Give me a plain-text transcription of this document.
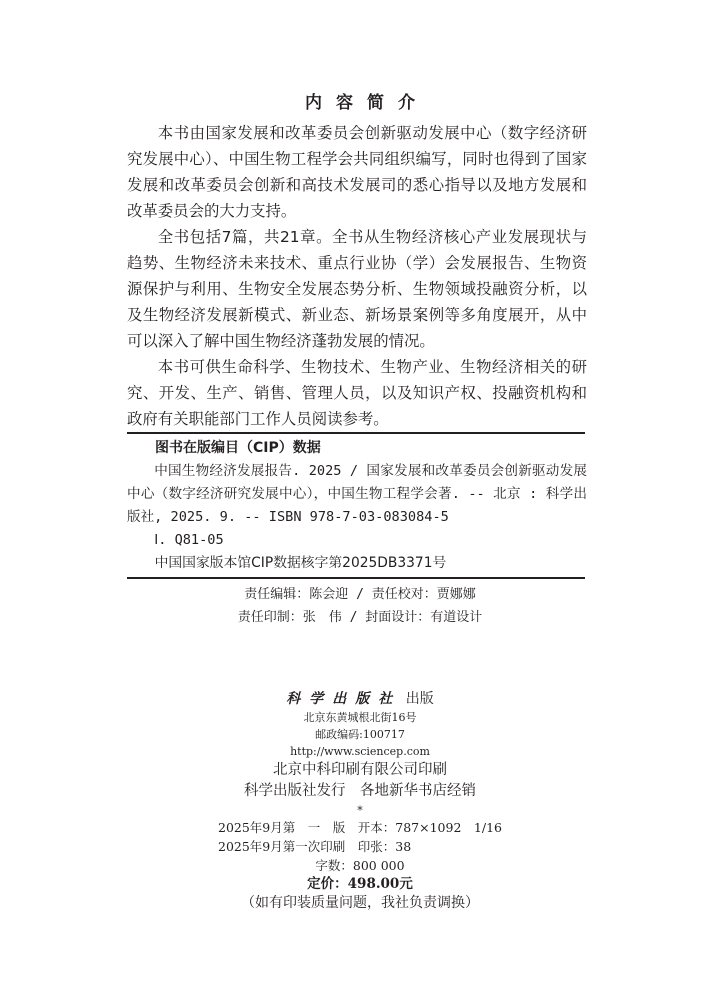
内容简介

本书由国家发展和改革委员会创新驱动发展中心（数字经济研究发展中心）、中国生物工程学会共同组织编写，同时也得到了国家发展和改革委员会创新和高技术发展司的悉心指导以及地方发展和改革委员会的大力支持。

全书包括7篇，共21章。全书从生物经济核心产业发展现状与趋势、生物经济未来技术、重点行业协（学）会发展报告、生物资源保护与利用、生物安全发展态势分析、生物领域投融资分析，以及生物经济发展新模式、新业态、新场景案例等多角度展开，从中可以深入了解中国生物经济蓬勃发展的情况。

本书可供生命科学、生物技术、生物产业、生物经济相关的研究、开发、生产、销售、管理人员，以及知识产权、投融资机构和政府有关职能部门工作人员阅读参考。

图书在版编目（CIP）数据
中国生物经济发展报告. 2025 / 国家发展和改革委员会创新驱动发展中心（数字经济研究发展中心），中国生物工程学会著. -- 北京 : 科学出版社, 2025. 9. -- ISBN 978-7-03-083084-5
Ⅰ. Q81-05
中国国家版本馆CIP数据核字第2025DB3371号
责任编辑：陈会迎 / 责任校对：贾娜娜
责任印制：张　伟 / 封面设计：有道设计
科学出版社 出版
北京东黄城根北街16号
邮政编码:100717
http://www.sciencep.com
北京中科印刷有限公司印刷
科学出版社发行　各地新华书店经销
*
2025年9月第　一　版　开本：787×1092　1/16
2025年9月第一次印刷　印张：38
字数：800 000
定价：498.00元
（如有印装质量问题，我社负责调换）
